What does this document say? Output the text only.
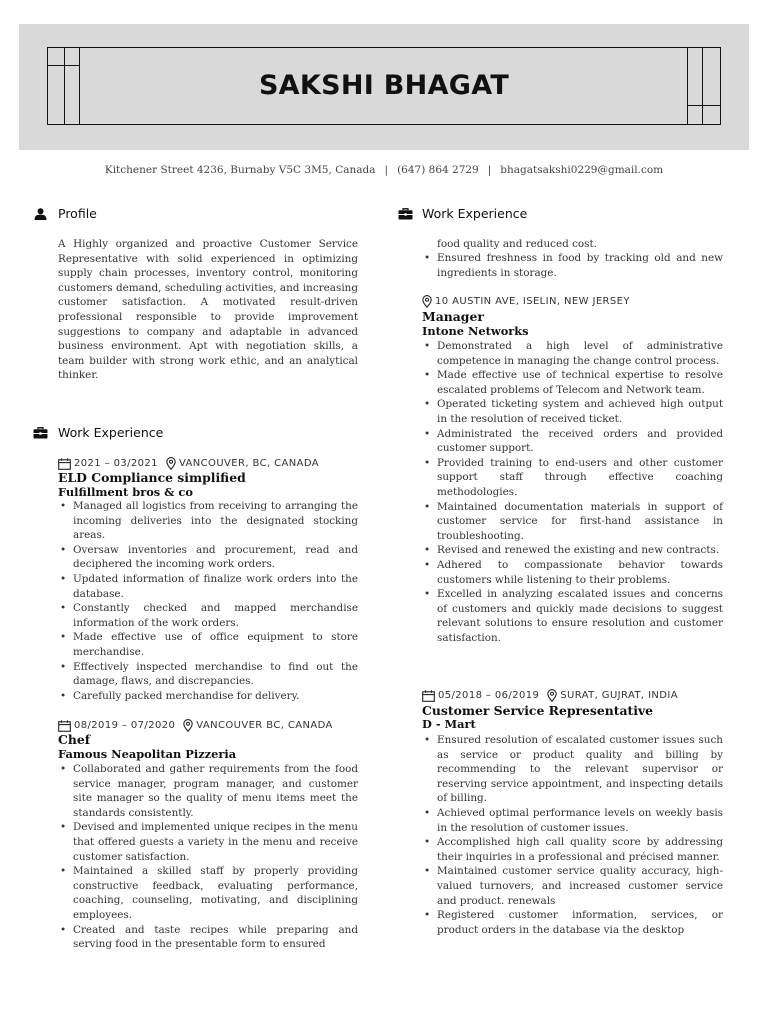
SAKSHI BHAGAT
Kitchener Street 4236, Burnaby V5C 3M5, Canada | (647) 864 2729 | bhagatsakshi0229@gmail.com
Profile
A Highly organized and proactive Customer Service Representative with solid experienced in optimizing supply chain processes, inventory control, monitoring customers demand, scheduling activities, and increasing customer satisfaction. A motivated result-driven professional responsible to provide improvement suggestions to company and adaptable in advanced business environment. Apt with negotiation skills, a team builder with strong work ethic, and an analytical thinker.
Work Experience
2021 – 03/2021 VANCOUVER, BC, CANADA
ELD Compliance simplified
Fulfillment bros & co
• Managed all logistics from receiving to arranging the incoming deliveries into the designated stocking areas.
• Oversaw inventories and procurement, read and deciphered the incoming work orders.
• Updated information of finalize work orders into the database.
• Constantly checked and mapped merchandise information of the work orders.
• Made effective use of office equipment to store merchandise.
• Effectively inspected merchandise to find out the damage, flaws, and discrepancies.
• Carefully packed merchandise for delivery.
08/2019 – 07/2020 VANCOUVER BC, CANADA
Chef
Famous Neapolitan Pizzeria
• Collaborated and gather requirements from the food service manager, program manager, and customer site manager so the quality of menu items meet the standards consistently.
• Devised and implemented unique recipes in the menu that offered guests a variety in the menu and receive customer satisfaction.
• Maintained a skilled staff by properly providing constructive feedback, evaluating performance, coaching, counseling, motivating, and disciplining employees.
• Created and taste recipes while preparing and serving food in the presentable form to ensured
Work Experience
food quality and reduced cost.
• Ensured freshness in food by tracking old and new ingredients in storage.
10 AUSTIN AVE, ISELIN, NEW JERSEY
Manager
Intone Networks
• Demonstrated a high level of administrative competence in managing the change control process.
• Made effective use of technical expertise to resolve escalated problems of Telecom and Network team.
• Operated ticketing system and achieved high output in the resolution of received ticket.
• Administrated the received orders and provided customer support.
• Provided training to end-users and other customer support staff through effective coaching methodologies.
• Maintained documentation materials in support of customer service for first-hand assistance in troubleshooting.
• Revised and renewed the existing and new contracts.
• Adhered to compassionate behavior towards customers while listening to their problems.
• Excelled in analyzing escalated issues and concerns of customers and quickly made decisions to suggest relevant solutions to ensure resolution and customer satisfaction.
05/2018 – 06/2019 SURAT, GUJRAT, INDIA
Customer Service Representative
D - Mart
• Ensured resolution of escalated customer issues such as service or product quality and billing by recommending to the relevant supervisor or reserving service appointment, and inspecting details of billing.
• Achieved optimal performance levels on weekly basis in the resolution of customer issues.
• Accomplished high call quality score by addressing their inquiries in a professional and précised manner.
• Maintained customer service quality accuracy, high-valued turnovers, and increased customer service and product. renewals
• Registered customer information, services, or product orders in the database via the desktop
